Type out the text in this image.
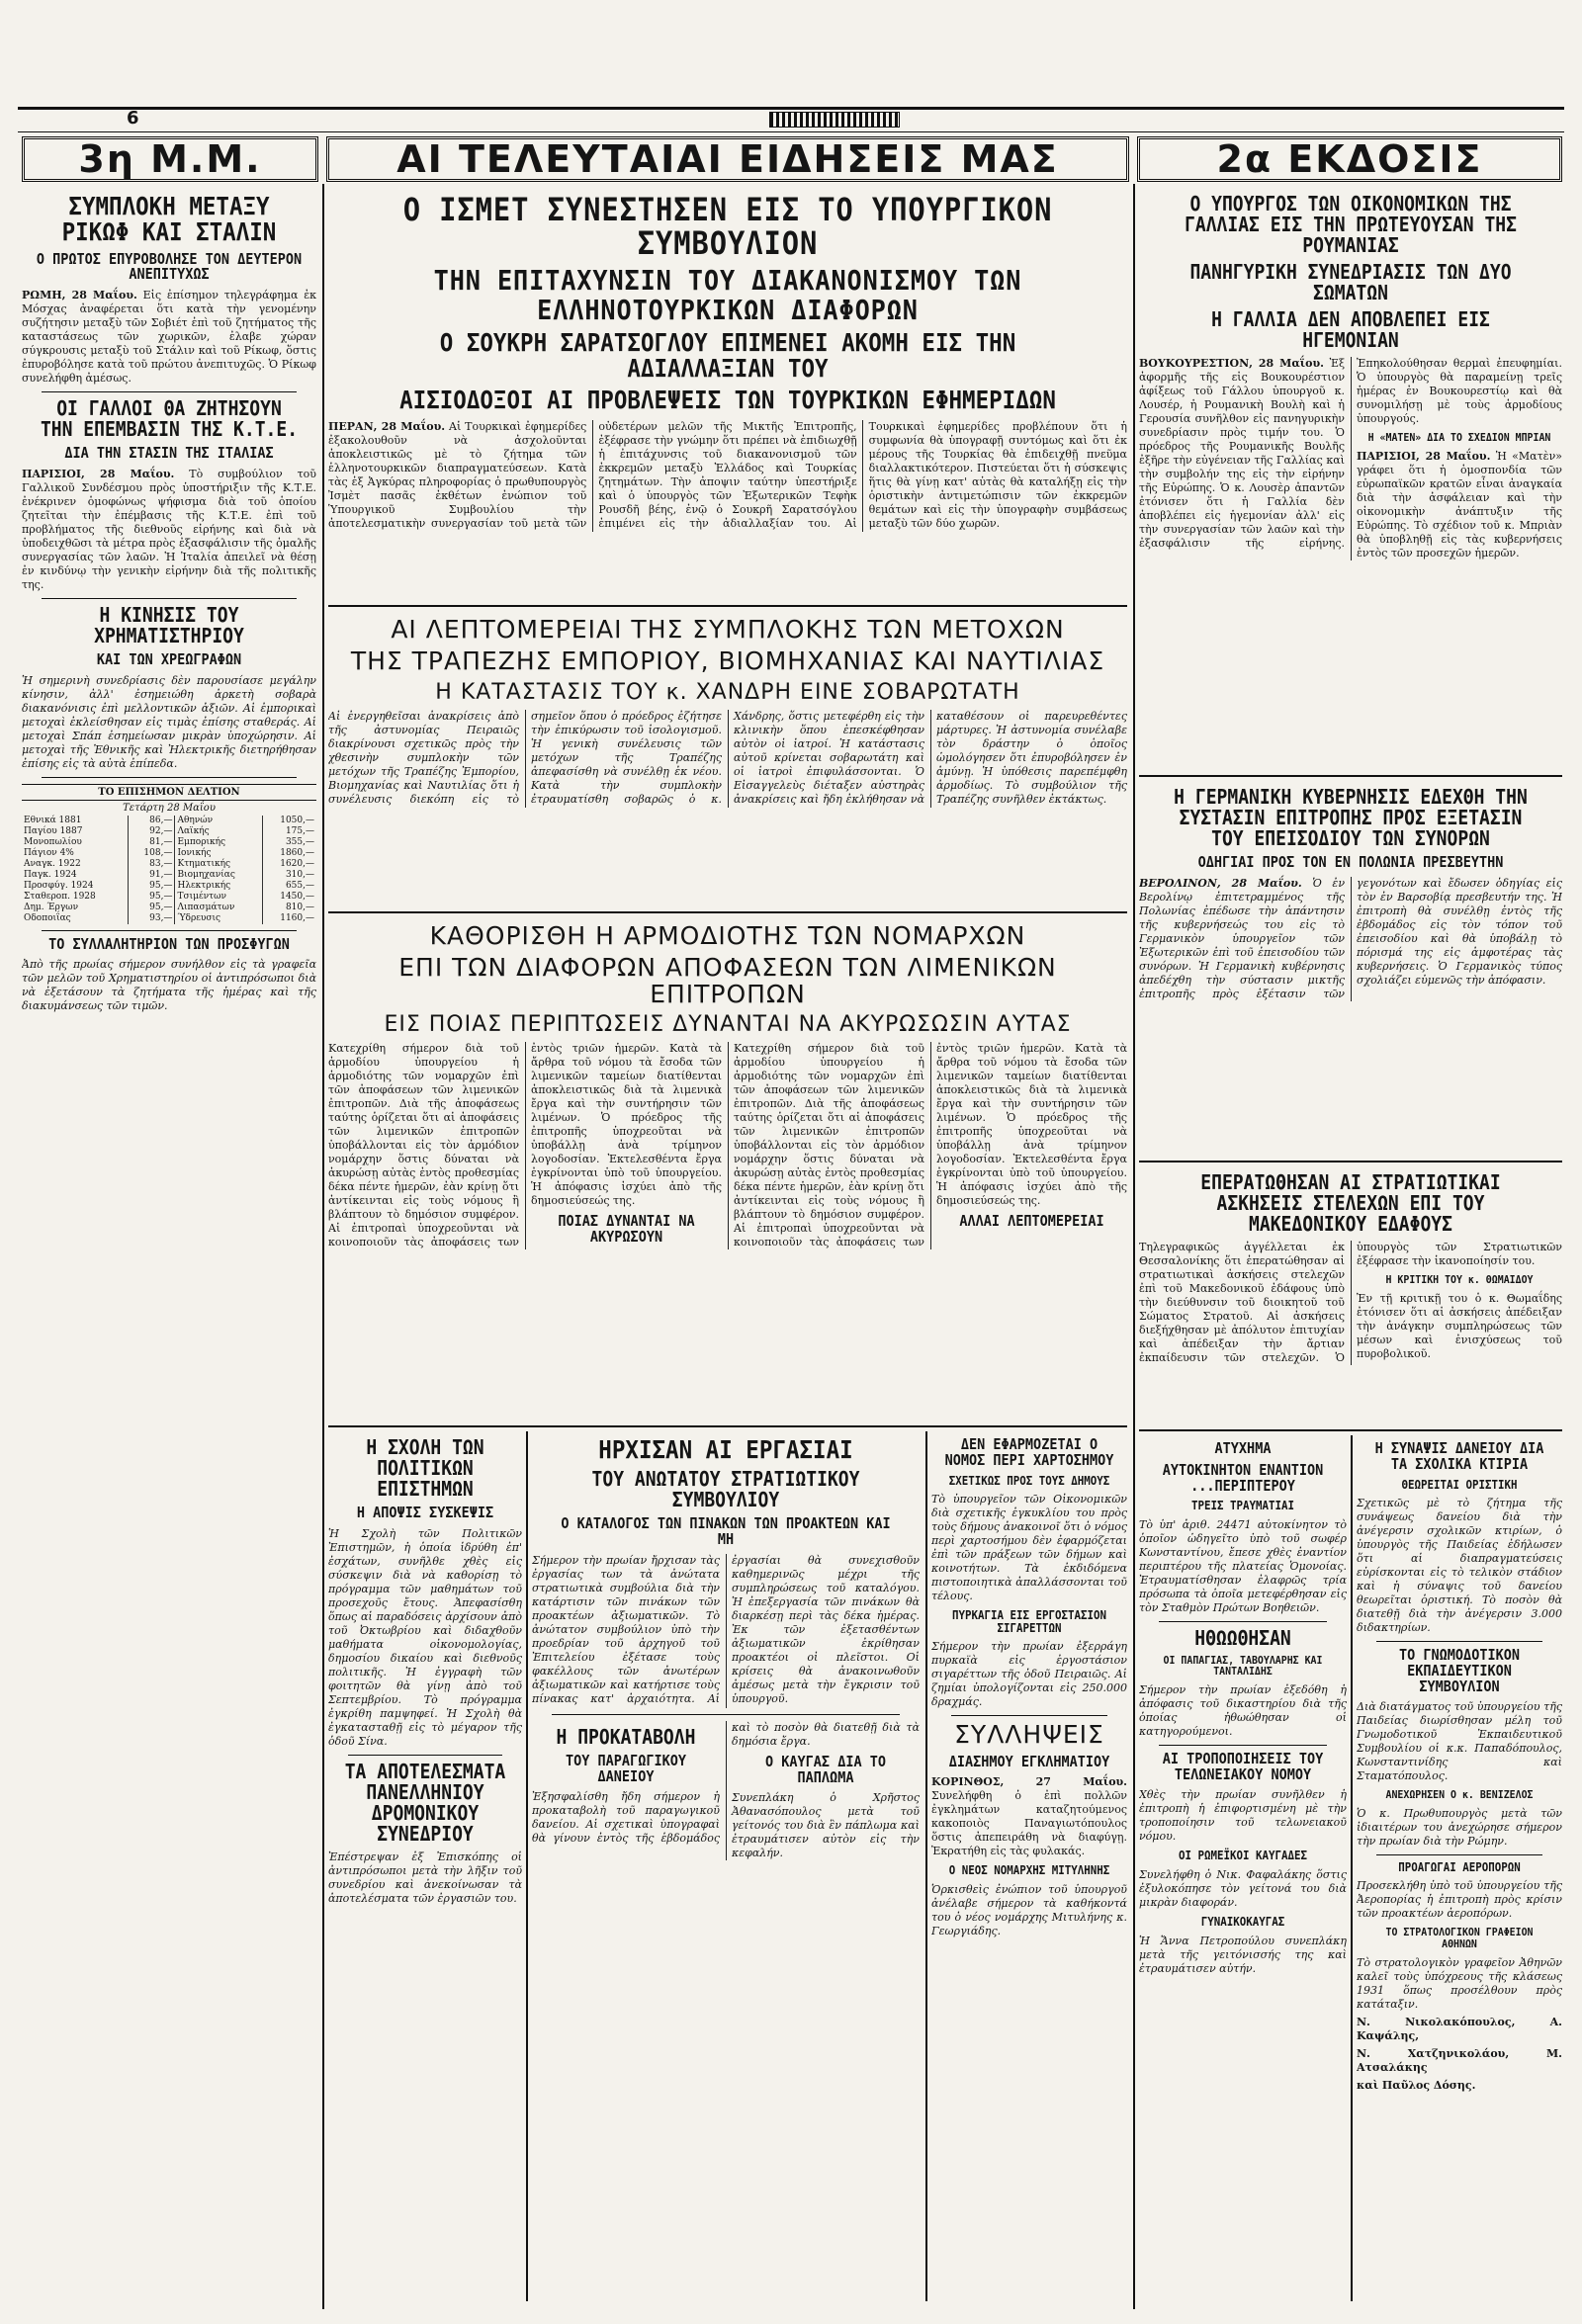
6
3η Μ.Μ.	ΑΙ ΤΕΛΕΥΤΑΙΑΙ ΕΙΔΗΣΕΙΣ ΜΑΣ	2α ΕΚΔΟΣΙΣ
ΣΥΜΠΛΟΚΗ ΜΕΤΑΞΥ ΡΙΚΩΦ ΚΑΙ ΣΤΑΛΙΝ
Ο ΠΡΩΤΟΣ ΕΠΥΡΟΒΟΛΗΣΕ ΤΟΝ ΔΕΥΤΕΡΟΝ ΑΝΕΠΙΤΥΧΩΣ

ΡΩΜΗ, 28 Μαΐου. Εἰς ἐπίσημον τηλεγράφημα ἐκ Μόσχας ἀναφέρεται ὅτι κατὰ τὴν γενομένην συζήτησιν μεταξὺ τῶν Σοβιέτ ἐπὶ τοῦ ζητήματος τῆς καταστάσεως τῶν χωρικῶν, ἐλαβε χώραν σύγκρουσις μεταξὺ τοῦ Στάλιν καὶ τοῦ Ρίκωφ, ὅστις ἐπυροβόλησε κατὰ τοῦ πρώτου ἀνεπιτυχῶς. Ὁ Ρίκωφ συνελήφθη ἀμέσως.

ΟΙ ΓΑΛΛΟΙ ΘΑ ΖΗΤΗΣΟΥΝ ΤΗΝ ΕΠΕΜΒΑΣΙΝ ΤΗΣ Κ.Τ.Ε.
ΔΙΑ ΤΗΝ ΣΤΑΣΙΝ ΤΗΣ ΙΤΑΛΙΑΣ

ΠΑΡΙΣΙΟΙ, 28 Μαΐου. Τὸ συμβούλιον τοῦ Γαλλικοῦ Συνδέσμου πρὸς ὑποστήριξιν τῆς Κ.Τ.Ε. ἐνέκρινεν ὁμοφώνως ψήφισμα διὰ τοῦ ὁποίου ζητεῖται τὴν ἐπέμβασις τῆς Κ.Τ.Ε. ἐπὶ τοῦ προβλήματος τῆς διεθνοῦς εἰρήνης καὶ διὰ νὰ ὑποδειχθῶσι τὰ μέτρα πρὸς ἐξασφάλισιν τῆς ὁμαλῆς συνεργασίας τῶν λαῶν. Ἡ Ἰταλία ἀπειλεῖ νὰ θέσῃ ἐν κινδύνῳ τὴν γενικὴν εἰρήνην διὰ τῆς πολιτικῆς της.

Η ΚΙΝΗΣΙΣ ΤΟΥ ΧΡΗΜΑΤΙΣΤΗΡΙΟΥ
ΚΑΙ ΤΩΝ ΧΡΕΩΓΡΑΦΩΝ

Ἡ σημερινὴ συνεδρίασις δὲν παρουσίασε μεγάλην κίνησιν, ἀλλ' ἐσημειώθη ἀρκετὴ σοβαρὰ διακανόνισις ἐπὶ μελλοντικῶν ἀξιῶν. Αἱ ἐμπορικαὶ μετοχαὶ ἐκλείσθησαν εἰς τιμὰς ἐπίσης σταθεράς. Αἱ μετοχαὶ Σπάπ ἐσημείωσαν μικρὰν ὑποχώρησιν. Αἱ μετοχαὶ τῆς Ἐθνικῆς καὶ Ἠλεκτρικῆς διετηρήθησαν ἐπίσης εἰς τὰ αὐτὰ ἐπίπεδα.

ΤΟ ΕΠΙΣΗΜΟΝ ΔΕΛΤΙΟΝ
Τετάρτη 28 Μαΐου
Εθνικά 1881	86,—	Αθηνών	1050,—
Παγίου 1887	92,—	Λαϊκής	175,—
Μονοπωλίου	81,—	Εμπορικής	355,—
Πάγιον 4%	108,—	Ιονικής	1860,—
Αναγκ. 1922	83,—	Κτηματικής	1620,—
Παγκ. 1924	91,—	Βιομηχανίας	310,—
Προσφύγ. 1924	95,—	Ηλεκτρικής	655,—
Σταθεροπ. 1928	95,—	Τσιμέντων	1450,—
Δημ. Έργων	95,—	Λιπασμάτων	810,—
Οδοποιΐας	93,—	Ύδρευσις	1160,—
ΤΟ ΣΥΛΛΑΛΗΤΗΡΙΟΝ ΤΩΝ ΠΡΟΣΦΥΓΩΝ

Ἀπὸ τῆς πρωίας σήμερον συνήλθον εἰς τὰ γραφεῖα τῶν μελῶν τοῦ Χρηματιστηρίου οἱ ἀντιπρόσωποι διὰ νὰ ἐξετάσουν τὰ ζητήματα τῆς ἡμέρας καὶ τῆς διακυμάνσεως τῶν τιμῶν.

Ο ΙΣΜΕΤ ΣΥΝΕΣΤΗΣΕΝ ΕΙΣ ΤΟ ΥΠΟΥΡΓΙΚΟΝ ΣΥΜΒΟΥΛΙΟΝ
ΤΗΝ ΕΠΙΤΑΧΥΝΣΙΝ ΤΟΥ ΔΙΑΚΑΝΟΝΙΣΜΟΥ ΤΩΝ ΕΛΛΗΝΟΤΟΥΡΚΙΚΩΝ ΔΙΑΦΟΡΩΝ
Ο ΣΟΥΚΡΗ ΣΑΡΑΤΣΟΓΛΟΥ ΕΠΙΜΕΝΕΙ ΑΚΟΜΗ ΕΙΣ ΤΗΝ ΑΔΙΑΛΛΑΞΙΑΝ ΤΟΥ
ΑΙΣΙΟΔΟΞΟΙ ΑΙ ΠΡΟΒΛΕΨΕΙΣ ΤΩΝ ΤΟΥΡΚΙΚΩΝ ΕΦΗΜΕΡΙΔΩΝ

ΠΕΡΑΝ, 28 Μαΐου. Αἱ Τουρκικαὶ ἐφημερίδες ἐξακολουθοῦν νὰ ἀσχολοῦνται ἀποκλειστικῶς μὲ τὸ ζήτημα τῶν ἑλληνοτουρκικῶν διαπραγματεύσεων. Κατὰ τὰς ἐξ Ἀγκύρας πληροφορίας ὁ πρωθυπουργὸς Ἰσμὲτ πασᾶς ἐκθέτων ἐνώπιον τοῦ Ὑπουργικοῦ Συμβουλίου τὴν ἀποτελεσματικὴν συνεργασίαν τοῦ μετὰ τῶν οὐδετέρων μελῶν τῆς Μικτῆς Ἐπιτροπῆς, ἐξέφρασε τὴν γνώμην ὅτι πρέπει νὰ ἐπιδιωχθῇ ἡ ἐπιτάχυνσις τοῦ διακανονισμοῦ τῶν ἐκκρεμῶν μεταξὺ Ἑλλάδος καὶ Τουρκίας ζητημάτων. Τὴν ἀποψιν ταύτην ὑπεστήριξε καὶ ὁ ὑπουργὸς τῶν Ἐξωτερικῶν Τεφὴκ Ρουσδῆ βέης, ἐνῷ ὁ Σουκρῆ Σαρατσόγλου ἐπιμένει εἰς τὴν ἀδιαλλαξίαν του. Αἱ Τουρκικαὶ ἐφημερίδες προβλέπουν ὅτι ἡ συμφωνία θὰ ὑπογραφῇ συντόμως καὶ ὅτι ἐκ μέρους τῆς Τουρκίας θὰ ἐπιδειχθῇ πνεῦμα διαλλακτικότερον. Πιστεύεται ὅτι ἡ σύσκεψις ἥτις θὰ γίνῃ κατ' αὐτὰς θὰ καταλήξῃ εἰς τὴν ὁριστικὴν ἀντιμετώπισιν τῶν ἐκκρεμῶν θεμάτων καὶ εἰς τὴν ὑπογραφὴν συμβάσεως μεταξὺ τῶν δύο χωρῶν.

ΑΙ ΛΕΠΤΟΜΕΡΕΙΑΙ ΤΗΣ ΣΥΜΠΛΟΚΗΣ ΤΩΝ ΜΕΤΟΧΩΝ
ΤΗΣ ΤΡΑΠΕΖΗΣ ΕΜΠΟΡΙΟΥ, ΒΙΟΜΗΧΑΝΙΑΣ ΚΑΙ ΝΑΥΤΙΛΙΑΣ
Η ΚΑΤΑΣΤΑΣΙΣ ΤΟΥ κ. ΧΑΝΔΡΗ ΕΙΝΕ ΣΟΒΑΡΩΤΑΤΗ

Αἱ ἐνεργηθεῖσαι ἀνακρίσεις ἀπὸ τῆς ἀστυνομίας Πειραιῶς διακρίνουσι σχετικῶς πρὸς τὴν χθεσινὴν συμπλοκὴν τῶν μετόχων τῆς Τραπέζης Ἐμπορίου, Βιομηχανίας καὶ Ναυτιλίας ὅτι ἡ συνέλευσις διεκόπη εἰς τὸ σημεῖον ὅπου ὁ πρόεδρος ἐζήτησε τὴν ἐπικύρωσιν τοῦ ἰσολογισμοῦ. Ἡ γενικὴ συνέλευσις τῶν μετόχων τῆς Τραπέζης ἀπεφασίσθη νὰ συνέλθῃ ἐκ νέου. Κατὰ τὴν συμπλοκὴν ἐτραυματίσθη σοβαρῶς ὁ κ. Χάνδρης, ὅστις μετεφέρθη εἰς τὴν κλινικὴν ὅπου ἐπεσκέφθησαν αὐτὸν οἱ ἰατροί. Ἡ κατάστασις αὐτοῦ κρίνεται σοβαρωτάτη καὶ οἱ ἰατροὶ ἐπιφυλάσσονται. Ὁ Εἰσαγγελεὺς διέταξεν αὐστηρὰς ἀνακρίσεις καὶ ἤδη ἐκλήθησαν νὰ καταθέσουν οἱ παρευρεθέντες μάρτυρες. Ἡ ἀστυνομία συνέλαβε τὸν δράστην ὁ ὁποῖος ὡμολόγησεν ὅτι ἐπυροβόλησεν ἐν ἀμύνῃ. Ἡ ὑπόθεσις παρεπέμφθη ἀρμοδίως. Τὸ συμβούλιον τῆς Τραπέζης συνῆλθεν ἐκτάκτως.

ΚΑΘΟΡΙΣΘΗ Η ΑΡΜΟΔΙΟΤΗΣ ΤΩΝ ΝΟΜΑΡΧΩΝ
ΕΠΙ ΤΩΝ ΔΙΑΦΟΡΩΝ ΑΠΟΦΑΣΕΩΝ ΤΩΝ ΛΙΜΕΝΙΚΩΝ ΕΠΙΤΡΟΠΩΝ
ΕΙΣ ΠΟΙΑΣ ΠΕΡΙΠΤΩΣΕΙΣ ΔΥΝΑΝΤΑΙ ΝΑ ΑΚΥΡΩΣΩΣΙΝ ΑΥΤΑΣ

Κατεχρίθη σήμερον διὰ τοῦ ἀρμοδίου ὑπουργείου ἡ ἁρμοδιότης τῶν νομαρχῶν ἐπὶ τῶν ἀποφάσεων τῶν λιμενικῶν ἐπιτροπῶν. Διὰ τῆς ἀποφάσεως ταύτης ὁρίζεται ὅτι αἱ ἀποφάσεις τῶν λιμενικῶν ἐπιτροπῶν ὑποβάλλονται εἰς τὸν ἀρμόδιον νομάρχην ὅστις δύναται νὰ ἀκυρώσῃ αὐτὰς ἐντὸς προθεσμίας δέκα πέντε ἡμερῶν, ἐὰν κρίνῃ ὅτι ἀντίκεινται εἰς τοὺς νόμους ἢ βλάπτουν τὸ δημόσιον συμφέρον. Αἱ ἐπιτροπαὶ ὑποχρεοῦνται νὰ κοινοποιοῦν τὰς ἀποφάσεις των ἐντὸς τριῶν ἡμερῶν. Κατὰ τὰ ἄρθρα τοῦ νόμου τὰ ἔσοδα τῶν λιμενικῶν ταμείων διατίθενται ἀποκλειστικῶς διὰ τὰ λιμενικὰ ἔργα καὶ τὴν συντήρησιν τῶν λιμένων. Ὁ πρόεδρος τῆς ἐπιτροπῆς ὑποχρεοῦται νὰ ὑποβάλλῃ ἀνὰ τρίμηνον λογοδοσίαν. Ἐκτελεσθέντα ἔργα ἐγκρίνονται ὑπὸ τοῦ ὑπουργείου. Ἡ ἀπόφασις ἰσχύει ἀπὸ τῆς δημοσιεύσεώς της.

ΠΟΙΑΣ ΔΥΝΑΝΤΑΙ ΝΑ ΑΚΥΡΩΣΟΥΝ

Κατεχρίθη σήμερον διὰ τοῦ ἀρμοδίου ὑπουργείου ἡ ἁρμοδιότης τῶν νομαρχῶν ἐπὶ τῶν ἀποφάσεων τῶν λιμενικῶν ἐπιτροπῶν. Διὰ τῆς ἀποφάσεως ταύτης ὁρίζεται ὅτι αἱ ἀποφάσεις τῶν λιμενικῶν ἐπιτροπῶν ὑποβάλλονται εἰς τὸν ἀρμόδιον νομάρχην ὅστις δύναται νὰ ἀκυρώσῃ αὐτὰς ἐντὸς προθεσμίας δέκα πέντε ἡμερῶν, ἐὰν κρίνῃ ὅτι ἀντίκεινται εἰς τοὺς νόμους ἢ βλάπτουν τὸ δημόσιον συμφέρον. Αἱ ἐπιτροπαὶ ὑποχρεοῦνται νὰ κοινοποιοῦν τὰς ἀποφάσεις των ἐντὸς τριῶν ἡμερῶν. Κατὰ τὰ ἄρθρα τοῦ νόμου τὰ ἔσοδα τῶν λιμενικῶν ταμείων διατίθενται ἀποκλειστικῶς διὰ τὰ λιμενικὰ ἔργα καὶ τὴν συντήρησιν τῶν λιμένων. Ὁ πρόεδρος τῆς ἐπιτροπῆς ὑποχρεοῦται νὰ ὑποβάλλῃ ἀνὰ τρίμηνον λογοδοσίαν. Ἐκτελεσθέντα ἔργα ἐγκρίνονται ὑπὸ τοῦ ὑπουργείου. Ἡ ἀπόφασις ἰσχύει ἀπὸ τῆς δημοσιεύσεώς της.

ΑΛΛΑΙ ΛΕΠΤΟΜΕΡΕΙΑΙ
Η ΣΧΟΛΗ ΤΩΝ ΠΟΛΙΤΙΚΩΝ ΕΠΙΣΤΗΜΩΝ
Η ΑΠΟΨΙΣ ΣΥΣΚΕΨΙΣ

Ἡ Σχολὴ τῶν Πολιτικῶν Ἐπιστημῶν, ἡ ὁποία ἱδρύθη ἐπ' ἐσχάτων, συνῆλθε χθὲς εἰς σύσκεψιν διὰ νὰ καθορίσῃ τὸ πρόγραμμα τῶν μαθημάτων τοῦ προσεχοῦς ἔτους. Ἀπεφασίσθη ὅπως αἱ παραδόσεις ἀρχίσουν ἀπὸ τοῦ Ὀκτωβρίου καὶ διδαχθοῦν μαθήματα οἰκονομολογίας, δημοσίου δικαίου καὶ διεθνοῦς πολιτικῆς. Ἡ ἐγγραφὴ τῶν φοιτητῶν θὰ γίνῃ ἀπὸ τοῦ Σεπτεμβρίου. Τὸ πρόγραμμα ἐγκρίθη παμψηφεί. Ἡ Σχολὴ θὰ ἐγκατασταθῇ εἰς τὸ μέγαρον τῆς ὁδοῦ Σίνα.

ΤΑ ΑΠΟΤΕΛΕΣΜΑΤΑ ΠΑΝΕΛΛΗΝΙΟΥ ΔΡΟΜΟΝΙΚΟΥ ΣΥΝΕΔΡΙΟΥ

Ἐπέστρεψαν ἐξ Ἐπισκόπης οἱ ἀντιπρόσωποι μετὰ τὴν λῆξιν τοῦ συνεδρίου καὶ ἀνεκοίνωσαν τὰ ἀποτελέσματα τῶν ἐργασιῶν του.

ΗΡΧΙΣΑΝ ΑΙ ΕΡΓΑΣΙΑΙ
ΤΟΥ ΑΝΩΤΑΤΟΥ ΣΤΡΑΤΙΩΤΙΚΟΥ ΣΥΜΒΟΥΛΙΟΥ
Ο ΚΑΤΑΛΟΓΟΣ ΤΩΝ ΠΙΝΑΚΩΝ ΤΩΝ ΠΡΟΑΚΤΕΩΝ ΚΑΙ ΜΗ

Σήμερον τὴν πρωίαν ἤρχισαν τὰς ἐργασίας των τὰ ἀνώτατα στρατιωτικὰ συμβούλια διὰ τὴν κατάρτισιν τῶν πινάκων τῶν προακτέων ἀξιωματικῶν. Τὸ ἀνώτατον συμβούλιον ὑπὸ τὴν προεδρίαν τοῦ ἀρχηγοῦ τοῦ Ἐπιτελείου ἐξέτασε τοὺς φακέλλους τῶν ἀνωτέρων ἀξιωματικῶν καὶ κατήρτισε τοὺς πίνακας κατ' ἀρχαιότητα. Αἱ ἐργασίαι θὰ συνεχισθοῦν καθημερινῶς μέχρι τῆς συμπληρώσεως τοῦ καταλόγου. Ἡ ἐπεξεργασία τῶν πινάκων θὰ διαρκέσῃ περὶ τὰς δέκα ἡμέρας. Ἐκ τῶν ἐξετασθέντων ἀξιωματικῶν ἐκρίθησαν προακτέοι οἱ πλεῖστοι. Οἱ κρίσεις θὰ ἀνακοινωθοῦν ἀμέσως μετὰ τὴν ἔγκρισιν τοῦ ὑπουργοῦ.

Η ΠΡΟΚΑΤΑΒΟΛΗ
ΤΟΥ ΠΑΡΑΓΩΓΙΚΟΥ ΔΑΝΕΙΟΥ

Ἐξησφαλίσθη ἤδη σήμερον ἡ προκαταβολὴ τοῦ παραγωγικοῦ δανείου. Αἱ σχετικαὶ ὑπογραφαὶ θὰ γίνουν ἐντὸς τῆς ἑβδομάδος καὶ τὸ ποσὸν θὰ διατεθῇ διὰ τὰ δημόσια ἔργα.

Ο ΚΑΥΓΑΣ ΔΙΑ ΤΟ ΠΑΠΛΩΜΑ

Συνεπλάκη ὁ Χρῆστος Ἀθανασόπουλος μετὰ τοῦ γείτονός του διὰ ἓν πάπλωμα καὶ ἐτραυμάτισεν αὐτὸν εἰς τὴν κεφαλήν.

ΔΕΝ ΕΦΑΡΜΟΖΕΤΑΙ Ο ΝΟΜΟΣ ΠΕΡΙ ΧΑΡΤΟΣΗΜΟΥ
ΣΧΕΤΙΚΩΣ ΠΡΟΣ ΤΟΥΣ ΔΗΜΟΥΣ

Τὸ ὑπουργεῖον τῶν Οἰκονομικῶν διὰ σχετικῆς ἐγκυκλίου του πρὸς τοὺς δήμους ἀνακοινοῖ ὅτι ὁ νόμος περὶ χαρτοσήμου δὲν ἐφαρμόζεται ἐπὶ τῶν πράξεων τῶν δήμων καὶ κοινοτήτων. Τὰ ἐκδιδόμενα πιστοποιητικὰ ἀπαλλάσσονται τοῦ τέλους.

ΠΥΡΚΑΓΙΑ ΕΙΣ ΕΡΓΟΣΤΑΣΙΟΝ ΣΙΓΑΡΕΤΤΩΝ

Σήμερον τὴν πρωίαν ἐξερράγη πυρκαϊὰ εἰς ἐργοστάσιον σιγαρέττων τῆς ὁδοῦ Πειραιῶς. Αἱ ζημίαι ὑπολογίζονται εἰς 250.000 δραχμάς.

ΣΥΛΛΗΨΕΙΣ
ΔΙΑΣΗΜΟΥ ΕΓΚΛΗΜΑΤΙΟΥ

ΚΟΡΙΝΘΟΣ, 27 Μαΐου. Συνελήφθη ὁ ἐπὶ πολλῶν ἐγκλημάτων καταζητούμενος κακοποιὸς Παναγιωτόπουλος ὅστις ἀπεπειράθη νὰ διαφύγῃ. Ἐκρατήθη εἰς τὰς φυλακάς.

Ο ΝΕΟΣ ΝΟΜΑΡΧΗΣ ΜΙΤΥΛΗΝΗΣ

Ὁρκισθεὶς ἐνώπιον τοῦ ὑπουργοῦ ἀνέλαβε σήμερον τὰ καθήκοντά του ὁ νέος νομάρχης Μιτυλήνης κ. Γεωργιάδης.

Ο ΥΠΟΥΡΓΟΣ ΤΩΝ ΟΙΚΟΝΟΜΙΚΩΝ ΤΗΣ ΓΑΛΛΙΑΣ ΕΙΣ ΤΗΝ ΠΡΩΤΕΥΟΥΣΑΝ ΤΗΣ ΡΟΥΜΑΝΙΑΣ
ΠΑΝΗΓΥΡΙΚΗ ΣΥΝΕΔΡΙΑΣΙΣ ΤΩΝ ΔΥΟ ΣΩΜΑΤΩΝ
Η ΓΑΛΛΙΑ ΔΕΝ ΑΠΟΒΛΕΠΕΙ ΕΙΣ ΗΓΕΜΟΝΙΑΝ

ΒΟΥΚΟΥΡΕΣΤΙΟΝ, 28 Μαΐου. Ἐξ ἀφορμῆς τῆς εἰς Βουκουρέστιον ἀφίξεως τοῦ Γάλλου ὑπουργοῦ κ. Λουσέρ, ἡ Ρουμανικὴ Βουλὴ καὶ ἡ Γερουσία συνῆλθον εἰς πανηγυρικὴν συνεδρίασιν πρὸς τιμήν του. Ὁ πρόεδρος τῆς Ρουμανικῆς Βουλῆς ἐξῆρε τὴν εὐγένειαν τῆς Γαλλίας καὶ τὴν συμβολήν της εἰς τὴν εἰρήνην τῆς Εὐρώπης. Ὁ κ. Λουσὲρ ἀπαντῶν ἐτόνισεν ὅτι ἡ Γαλλία δὲν ἀποβλέπει εἰς ἡγεμονίαν ἀλλ' εἰς τὴν συνεργασίαν τῶν λαῶν καὶ τὴν ἐξασφάλισιν τῆς εἰρήνης. Ἐπηκολούθησαν θερμαὶ ἐπευφημίαι. Ὁ ὑπουργὸς θὰ παραμείνῃ τρεῖς ἡμέρας ἐν Βουκουρεστίῳ καὶ θὰ συνομιλήσῃ μὲ τοὺς ἁρμοδίους ὑπουργούς.

Η «ΜΑΤΕΝ» ΔΙΑ ΤΟ ΣΧΕΔΙΟΝ ΜΠΡΙΑΝ

ΠΑΡΙΣΙΟΙ, 28 Μαΐου. Ἡ «Ματὲν» γράφει ὅτι ἡ ὁμοσπονδία τῶν εὐρωπαϊκῶν κρατῶν εἶναι ἀναγκαία διὰ τὴν ἀσφάλειαν καὶ τὴν οἰκονομικὴν ἀνάπτυξιν τῆς Εὐρώπης. Τὸ σχέδιον τοῦ κ. Μπριὰν θὰ ὑποβληθῇ εἰς τὰς κυβερνήσεις ἐντὸς τῶν προσεχῶν ἡμερῶν.

Η ΓΕΡΜΑΝΙΚΗ ΚΥΒΕΡΝΗΣΙΣ ΕΔΕΧΘΗ ΤΗΝ ΣΥΣΤΑΣΙΝ ΕΠΙΤΡΟΠΗΣ ΠΡΟΣ ΕΞΕΤΑΣΙΝ ΤΟΥ ΕΠΕΙΣΟΔΙΟΥ ΤΩΝ ΣΥΝΟΡΩΝ
ΟΔΗΓΙΑΙ ΠΡΟΣ ΤΟΝ ΕΝ ΠΟΛΩΝΙΑ ΠΡΕΣΒΕΥΤΗΝ

ΒΕΡΟΛΙΝΟΝ, 28 Μαΐου. Ὁ ἐν Βερολίνῳ ἐπιτετραμμένος τῆς Πολωνίας ἐπέδωσε τὴν ἀπάντησιν τῆς κυβερνήσεώς του εἰς τὸ Γερμανικὸν ὑπουργεῖον τῶν Ἐξωτερικῶν ἐπὶ τοῦ ἐπεισοδίου τῶν συνόρων. Ἡ Γερμανικὴ κυβέρνησις ἀπεδέχθη τὴν σύστασιν μικτῆς ἐπιτροπῆς πρὸς ἐξέτασιν τῶν γεγονότων καὶ ἔδωσεν ὁδηγίας εἰς τὸν ἐν Βαρσοβίᾳ πρεσβευτήν της. Ἡ ἐπιτροπὴ θὰ συνέλθῃ ἐντὸς τῆς ἑβδομάδος εἰς τὸν τόπον τοῦ ἐπεισοδίου καὶ θὰ ὑποβάλῃ τὸ πόρισμά της εἰς ἀμφοτέρας τὰς κυβερνήσεις. Ὁ Γερμανικὸς τύπος σχολιάζει εὐμενῶς τὴν ἀπόφασιν.

ΕΠΕΡΑΤΩΘΗΣΑΝ ΑΙ ΣΤΡΑΤΙΩΤΙΚΑΙ ΑΣΚΗΣΕΙΣ ΣΤΕΛΕΧΩΝ ΕΠΙ ΤΟΥ ΜΑΚΕΔΟΝΙΚΟΥ ΕΔΑΦΟΥΣ

Τηλεγραφικῶς ἀγγέλλεται ἐκ Θεσσαλονίκης ὅτι ἐπερατώθησαν αἱ στρατιωτικαὶ ἀσκήσεις στελεχῶν ἐπὶ τοῦ Μακεδονικοῦ ἐδάφους ὑπὸ τὴν διεύθυνσιν τοῦ διοικητοῦ τοῦ Σώματος Στρατοῦ. Αἱ ἀσκήσεις διεξήχθησαν μὲ ἀπόλυτον ἐπιτυχίαν καὶ ἀπέδειξαν τὴν ἄρτιαν ἐκπαίδευσιν τῶν στελεχῶν. Ὁ ὑπουργὸς τῶν Στρατιωτικῶν ἐξέφρασε τὴν ἱκανοποίησίν του.

Η ΚΡΙΤΙΚΗ ΤΟΥ κ. ΘΩΜΑΙΔΟΥ

Ἐν τῇ κριτικῇ του ὁ κ. Θωμαΐδης ἐτόνισεν ὅτι αἱ ἀσκήσεις ἀπέδειξαν τὴν ἀνάγκην συμπληρώσεως τῶν μέσων καὶ ἐνισχύσεως τοῦ πυροβολικοῦ.

ΑΤΥΧΗΜΑ
ΑΥΤΟΚΙΝΗΤΟΝ ΕΝΑΝΤΙΟΝ ...ΠΕΡΙΠΤΕΡΟΥ
ΤΡΕΙΣ ΤΡΑΥΜΑΤΙΑΙ

Τὸ ὑπ' ἀριθ. 24471 αὐτοκίνητον τὸ ὁποῖον ὡδηγεῖτο ὑπὸ τοῦ σωφέρ Κωνσταντίνου, ἔπεσε χθὲς ἐναντίον περιπτέρου τῆς πλατείας Ὁμονοίας. Ἐτραυματίσθησαν ἐλαφρῶς τρία πρόσωπα τὰ ὁποῖα μετεφέρθησαν εἰς τὸν Σταθμὸν Πρώτων Βοηθειῶν.

ΗΘΩΩΘΗΣΑΝ
ΟΙ ΠΑΠΑΓΙΑΣ, ΤΑΒΟΥΛΑΡΗΣ ΚΑΙ ΤΑΝΤΑΛΙΔΗΣ

Σήμερον τὴν πρωίαν ἐξεδόθη ἡ ἀπόφασις τοῦ δικαστηρίου διὰ τῆς ὁποίας ἠθωώθησαν οἱ κατηγορούμενοι.

ΑΙ ΤΡΟΠΟΠΟΙΗΣΕΙΣ ΤΟΥ ΤΕΛΩΝΕΙΑΚΟΥ ΝΟΜΟΥ

Χθὲς τὴν πρωίαν συνῆλθεν ἡ ἐπιτροπὴ ἡ ἐπιφορτισμένη μὲ τὴν τροποποίησιν τοῦ τελωνειακοῦ νόμου.

ΟΙ ΡΩΜΕΪΚΟΙ ΚΑΥΓΑΔΕΣ

Συνελήφθη ὁ Νικ. Φαφαλάκης ὅστις ἐξυλοκόπησε τὸν γείτονά του διὰ μικρὰν διαφοράν.

ΓΥΝΑΙΚΟΚΑΥΓΑΣ

Ἡ Ἄννα Πετροπούλου συνεπλάκη μετὰ τῆς γειτόνισσής της καὶ ἐτραυμάτισεν αὐτήν.

Η ΣΥΝΑΨΙΣ ΔΑΝΕΙΟΥ ΔΙΑ ΤΑ ΣΧΟΛΙΚΑ ΚΤΙΡΙΑ
ΘΕΩΡΕΙΤΑΙ ΟΡΙΣΤΙΚΗ

Σχετικῶς μὲ τὸ ζήτημα τῆς συνάψεως δανείου διὰ τὴν ἀνέγερσιν σχολικῶν κτιρίων, ὁ ὑπουργὸς τῆς Παιδείας ἐδήλωσεν ὅτι αἱ διαπραγματεύσεις εὑρίσκονται εἰς τὸ τελικὸν στάδιον καὶ ἡ σύναψις τοῦ δανείου θεωρεῖται ὁριστική. Τὸ ποσὸν θὰ διατεθῇ διὰ τὴν ἀνέγερσιν 3.000 διδακτηρίων.

ΤΟ ΓΝΩΜΟΔΟΤΙΚΟΝ ΕΚΠΑΙΔΕΥΤΙΚΟΝ ΣΥΜΒΟΥΛΙΟΝ

Διὰ διατάγματος τοῦ ὑπουργείου τῆς Παιδείας διωρίσθησαν μέλη τοῦ Γνωμοδοτικοῦ Ἐκπαιδευτικοῦ Συμβουλίου οἱ κ.κ. Παπαδόπουλος, Κωνσταντινίδης καὶ Σταματόπουλος.

ΑΝΕΧΩΡΗΣΕΝ Ο κ. ΒΕΝΙΖΕΛΟΣ

Ὁ κ. Πρωθυπουργὸς μετὰ τῶν ἰδιαιτέρων του ἀνεχώρησε σήμερον τὴν πρωίαν διὰ τὴν Ρώμην.

ΠΡΟΑΓΩΓΑΙ ΑΕΡΟΠΟΡΩΝ

Προσεκλήθη ὑπὸ τοῦ ὑπουργείου τῆς Ἀεροπορίας ἡ ἐπιτροπὴ πρὸς κρίσιν τῶν προακτέων ἀεροπόρων.

ΤΟ ΣΤΡΑΤΟΛΟΓΙΚΟΝ ΓΡΑΦΕΙΟΝ ΑΘΗΝΩΝ

Τὸ στρατολογικὸν γραφεῖον Ἀθηνῶν καλεῖ τοὺς ὑπόχρεους τῆς κλάσεως 1931 ὅπως προσέλθουν πρὸς κατάταξιν.

Ν. Νικολακόπουλος, Α. Καψάλης,

Ν. Χατζηνικολάου, Μ. Ατσαλάκης

καὶ Παῦλος Δόσης.
